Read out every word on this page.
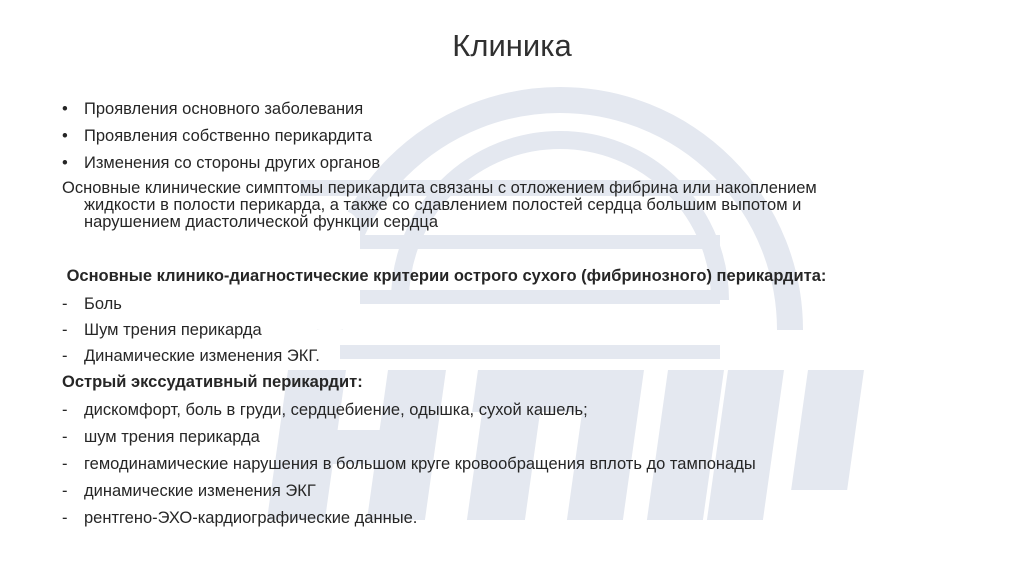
Клиника
• Проявления основного заболевания
• Проявления собственно перикардита
• Изменения со стороны других органов
Основные клинические симптомы перикардита связаны с отложением фибрина или накоплением
жидкости в полости перикарда, а также со сдавлением полостей сердца большим выпотом и
нарушением диастолической функции сердца
Основные клинико-диагностические критерии острого сухого (фибринозного) перикардита:
- Боль
- Шум трения перикарда
- Динамические изменения ЭКГ.
Острый экссудативный перикардит:
- дискомфорт, боль в груди, сердцебиение, одышка, сухой кашель;
- шум трения перикарда
- гемодинамические нарушения в большом круге кровообращения вплоть до тампонады
- динамические изменения ЭКГ
- рентгено-ЭХО-кардиографические данные.
